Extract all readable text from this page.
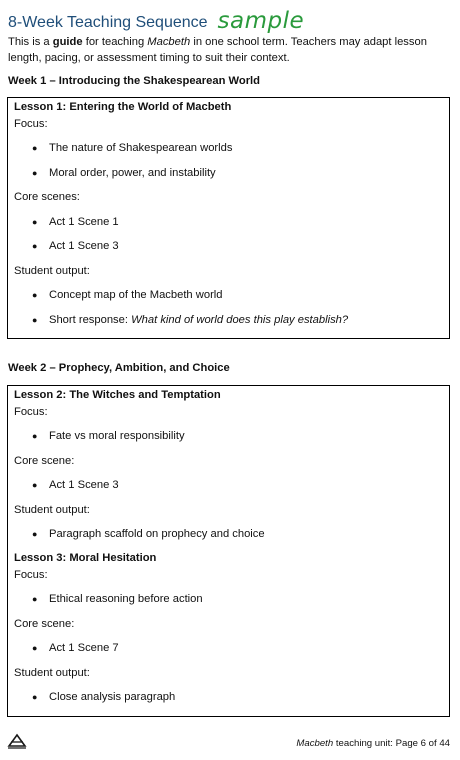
8-Week Teaching Sequence sample
This is a guide for teaching Macbeth in one school term. Teachers may adapt lesson length, pacing, or assessment timing to suit their context.
Week 1 – Introducing the Shakespearean World
Lesson 1: Entering the World of Macbeth
Focus:
● The nature of Shakespearean worlds
● Moral order, power, and instability
Core scenes:
● Act 1 Scene 1
● Act 1 Scene 3
Student output:
● Concept map of the Macbeth world
● Short response: What kind of world does this play establish?
Week 2 – Prophecy, Ambition, and Choice
Lesson 2: The Witches and Temptation
Focus:
● Fate vs moral responsibility
Core scene:
● Act 1 Scene 3
Student output:
● Paragraph scaffold on prophecy and choice
Lesson 3: Moral Hesitation
Focus:
● Ethical reasoning before action
Core scene:
● Act 1 Scene 7
Student output:
● Close analysis paragraph
Macbeth teaching unit: Page 6 of 44
